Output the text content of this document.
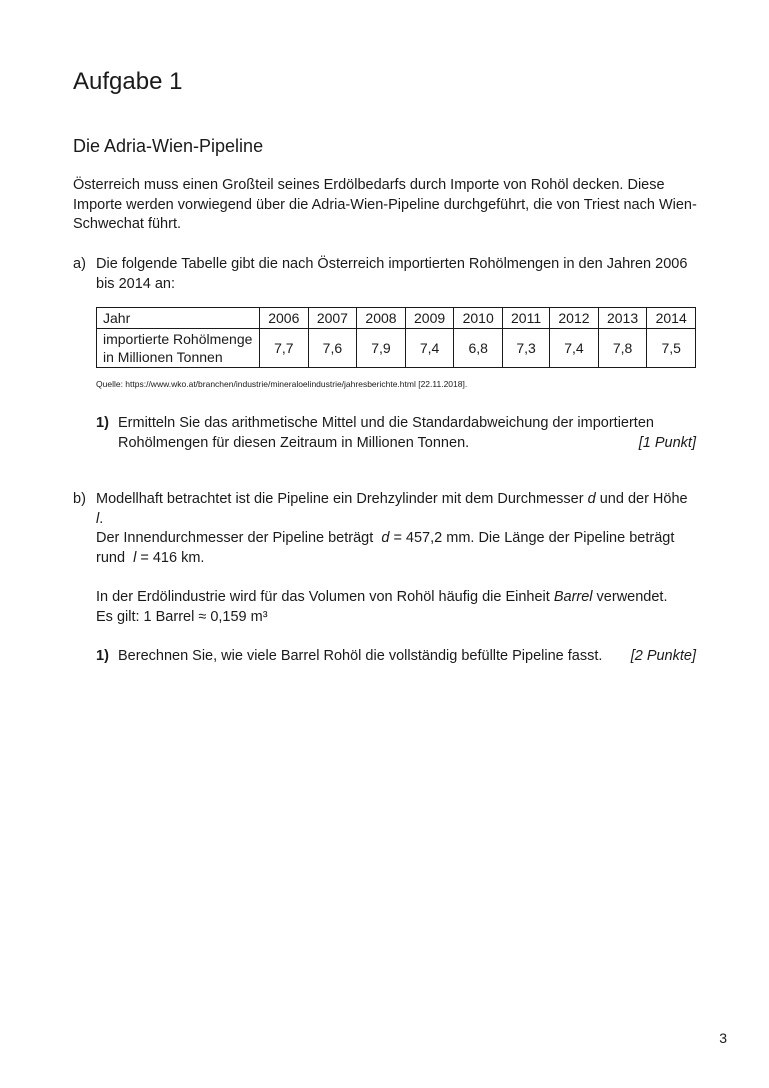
Aufgabe 1
Die Adria-Wien-Pipeline
Österreich muss einen Großteil seines Erdölbedarfs durch Importe von Rohöl decken. Diese Importe werden vorwiegend über die Adria-Wien-Pipeline durchgeführt, die von Triest nach Wien-Schwechat führt.
a) Die folgende Tabelle gibt die nach Österreich importierten Rohölmengen in den Jahren 2006 bis 2014 an:
Jahr	2006	2007	2008	2009	2010	2011	2012	2013	2014

importierte Rohölmenge
in Millionen Tonnen	7,7	7,6	7,9	7,4	6,8	7,3	7,4	7,8	7,5
Quelle: https://www.wko.at/branchen/industrie/mineraloelindustrie/jahresberichte.html [22.11.2018].
1) Ermitteln Sie das arithmetische Mittel und die Standardabweichung der importierten
Rohölmengen für diesen Zeitraum in Millionen Tonnen.	[1 Punkt]
b) Modellhaft betrachtet ist die Pipeline ein Drehzylinder mit dem Durchmesser d und der Höhe l.
Der Innendurchmesser der Pipeline beträgt d = 457,2 mm. Die Länge der Pipeline beträgt rund l = 416 km.
In der Erdölindustrie wird für das Volumen von Rohöl häufig die Einheit Barrel verwendet.
Es gilt: 1 Barrel ≈ 0,159 m³
1) Berechnen Sie, wie viele Barrel Rohöl die vollständig befüllte Pipeline fasst. [2 Punkte]
3
